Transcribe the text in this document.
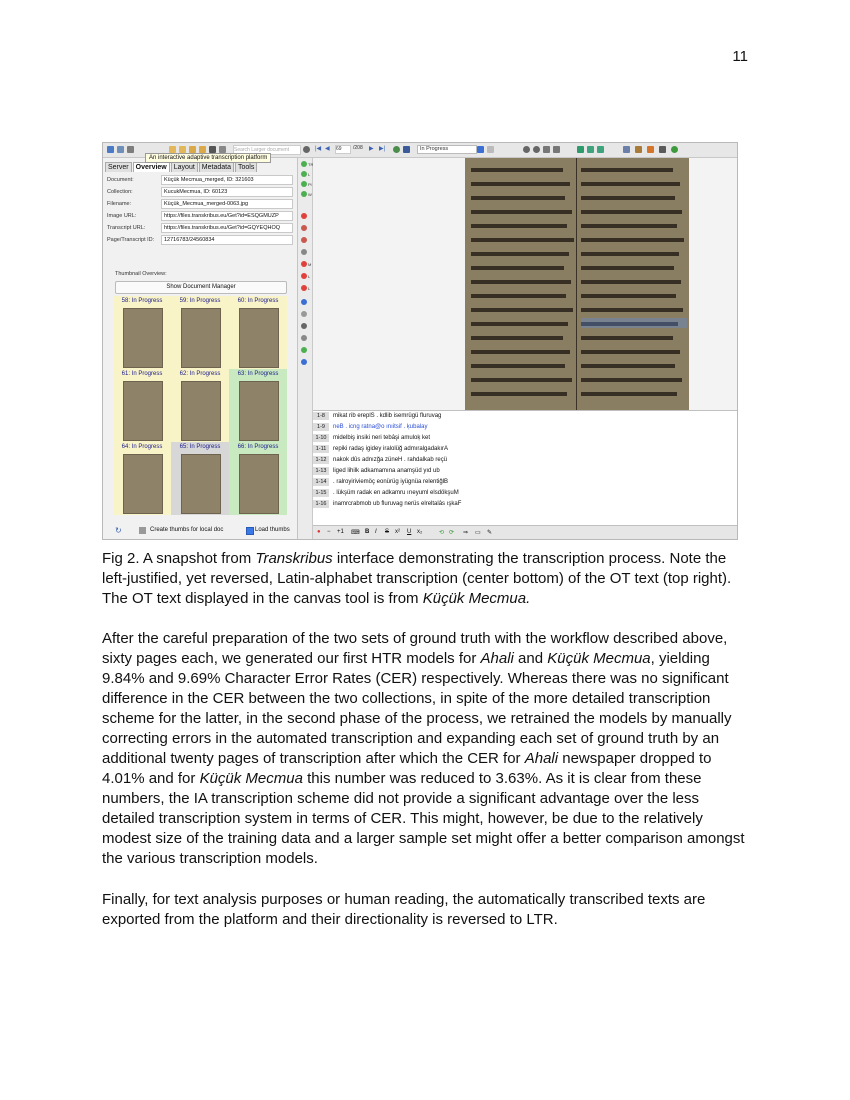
11
Search Larger document	|◀ ◀ 69	/208 ▶ ▶|	In Progress
An interactive adaptive transcription platform
Server	Overview	Layout	Metadata	Tools
Document:	Küçük Mecmua_merged, ID: 321603
Collection:	KucukMecmua, ID: 60123
Filename:	Küçük_Mecmua_merged-0063.jpg
Image URL:	https://files.transkribus.eu/Get?id=ESQGMUZP
Transcript URL:	https://files.transkribus.eu/Get?id=GQYEQHOQ
Page/Transcript ID:	12716783/24560834
Thumbnail Overview:
Show Document Manager
58: In Progress	59: In Progress	60: In Progress
61: In Progress	62: In Progress	63: In Progress
64: In Progress	65: In Progress	66: In Progress
↻	Create thumbs for local doc	Load thumbs
TR
L
Pl
W
M
L
L
1-8	mikat rib ereplS . kdlib isemrügü fluruvag
1-9	neB . icng ratna@o ınıitsif . ķubalay
1-10	midelbiş insiki neri tebâşi amuloķ ket
1-11	repiki radaş igidey iralolüğ admıralgadakırA
1-12	nakok dûs adnızğa züneH . rahdalkab reçü
1-13	liged lihilk adkamamına anamşüd yıd ub
1-14	. ralroyiriviemöç eonürüg iyügnüa relentiğlB
1-15	. lükşüm radak en adkamru ırıeyuml elsdökşuM
1-16	inamrcrabmob ub fluruvag nerüs elreltalâs ışkaF
● − +1 ⌨ B I S x² U x₂	⟲ ⟳ ⇒ ▭ ✎

Fig 2. A snapshot from Transkribus interface demonstrating the transcription process. Note the left-justified, yet reversed, Latin-alphabet transcription (center bottom) of the OT text (top right). The OT text displayed in the canvas tool is from Küçük Mecmua.

After the careful preparation of the two sets of ground truth with the workflow described above, sixty pages each, we generated our first HTR models for Ahali and Küçük Mecmua, yielding 9.84% and 9.69% Character Error Rates (CER) respectively. Whereas there was no significant difference in the CER between the two collections, in spite of the more detailed transcription scheme for the latter, in the second phase of the process, we retrained the models by manually correcting errors in the automated transcription and expanding each set of ground truth by an additional twenty pages of transcription after which the CER for Ahali newspaper dropped to 4.01% and for Küçük Mecmua this number was reduced to 3.63%. As it is clear from these numbers, the IA transcription scheme did not provide a significant advantage over the less detailed transcription system in terms of CER. This might, however, be due to the relatively modest size of the training data and a larger sample set might offer a better comparison amongst the various transcription models.

Finally, for text analysis purposes or human reading, the automatically transcribed texts are exported from the platform and their directionality is reversed to LTR.
